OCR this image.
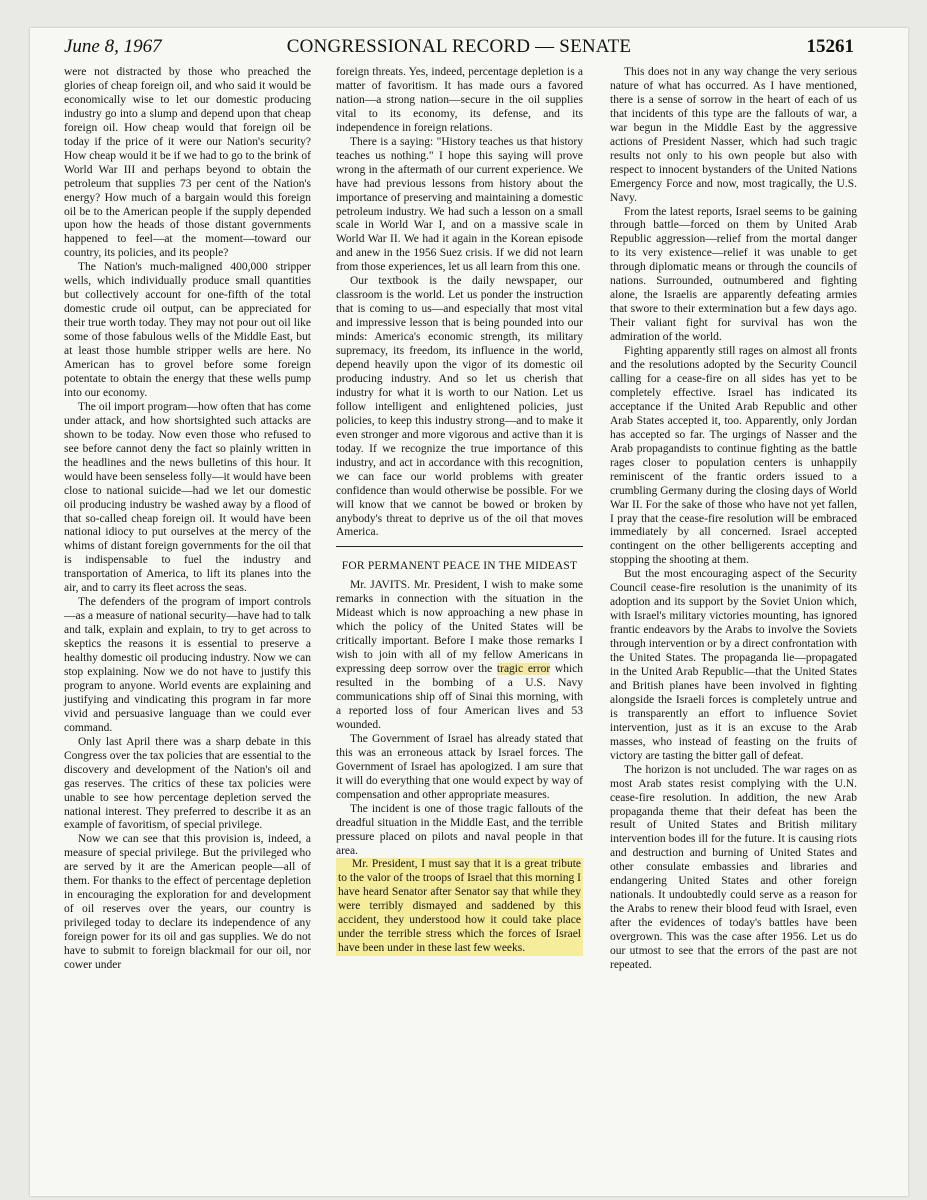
June 8, 1967	CONGRESSIONAL RECORD — SENATE	15261

were not distracted by those who preached the glories of cheap foreign oil, and who said it would be economically wise to let our domestic producing industry go into a slump and depend upon that cheap foreign oil. How cheap would that foreign oil be today if the price of it were our Nation's security? How cheap would it be if we had to go to the brink of World War III and perhaps beyond to obtain the petroleum that supplies 73 per cent of the Nation's energy? How much of a bargain would this foreign oil be to the American people if the supply depended upon how the heads of those distant governments happened to feel—at the moment—toward our country, its policies, and its people?

The Nation's much-maligned 400,000 stripper wells, which individually produce small quantities but collectively account for one-fifth of the total domestic crude oil output, can be appreciated for their true worth today. They may not pour out oil like some of those fabulous wells of the Middle East, but at least those humble stripper wells are here. No American has to grovel before some foreign potentate to obtain the energy that these wells pump into our economy.

The oil import program—how often that has come under attack, and how shortsighted such attacks are shown to be today. Now even those who refused to see before cannot deny the fact so plainly written in the headlines and the news bulletins of this hour. It would have been senseless folly—it would have been close to national suicide—had we let our domestic oil producing industry be washed away by a flood of that so-called cheap foreign oil. It would have been national idiocy to put ourselves at the mercy of the whims of distant foreign governments for the oil that is indispensable to fuel the industry and transportation of America, to lift its planes into the air, and to carry its fleet across the seas.

The defenders of the program of import controls—as a measure of national security—have had to talk and talk, explain and explain, to try to get across to skeptics the reasons it is essential to preserve a healthy domestic oil producing industry. Now we can stop explaining. Now we do not have to justify this program to anyone. World events are explaining and justifying and vindicating this program in far more vivid and persuasive language than we could ever command.

Only last April there was a sharp debate in this Congress over the tax policies that are essential to the discovery and development of the Nation's oil and gas reserves. The critics of these tax policies were unable to see how percentage depletion served the national interest. They preferred to describe it as an example of favoritism, of special privilege.

Now we can see that this provision is, indeed, a measure of special privilege. But the privileged who are served by it are the American people—all of them. For thanks to the effect of percentage depletion in encouraging the exploration for and development of oil reserves over the years, our country is privileged today to declare its independence of any foreign power for its oil and gas supplies. We do not have to submit to foreign blackmail for our oil, nor cower under

foreign threats. Yes, indeed, percentage depletion is a matter of favoritism. It has made ours a favored nation—a strong nation—secure in the oil supplies vital to its economy, its defense, and its independence in foreign relations.

There is a saying: "History teaches us that history teaches us nothing." I hope this saying will prove wrong in the aftermath of our current experience. We have had previous lessons from history about the importance of preserving and maintaining a domestic petroleum industry. We had such a lesson on a small scale in World War I, and on a massive scale in World War II. We had it again in the Korean episode and anew in the 1956 Suez crisis. If we did not learn from those experiences, let us all learn from this one.

Our textbook is the daily newspaper, our classroom is the world. Let us ponder the instruction that is coming to us—and especially that most vital and impressive lesson that is being pounded into our minds: America's economic strength, its military supremacy, its freedom, its influence in the world, depend heavily upon the vigor of its domestic oil producing industry. And so let us cherish that industry for what it is worth to our Nation. Let us follow intelligent and enlightened policies, just policies, to keep this industry strong—and to make it even stronger and more vigorous and active than it is today. If we recognize the true importance of this industry, and act in accordance with this recognition, we can face our world problems with greater confidence than would otherwise be possible. For we will know that we cannot be bowed or broken by anybody's threat to deprive us of the oil that moves America.

FOR PERMANENT PEACE IN THE MIDEAST

Mr. JAVITS. Mr. President, I wish to make some remarks in connection with the situation in the Mideast which is now approaching a new phase in which the policy of the United States will be critically important. Before I make those remarks I wish to join with all of my fellow Americans in expressing deep sorrow over the tragic error which resulted in the bombing of a U.S. Navy communications ship off of Sinai this morning, with a reported loss of four American lives and 53 wounded.

The Government of Israel has already stated that this was an erroneous attack by Israel forces. The Government of Israel has apologized. I am sure that it will do everything that one would expect by way of compensation and other appropriate measures.

The incident is one of those tragic fallouts of the dreadful situation in the Middle East, and the terrible pressure placed on pilots and naval people in that area.

Mr. President, I must say that it is a great tribute to the valor of the troops of Israel that this morning I have heard Senator after Senator say that while they were terribly dismayed and saddened by this accident, they understood how it could take place under the terrible stress which the forces of Israel have been under in these last few weeks.

This does not in any way change the very serious nature of what has occurred. As I have mentioned, there is a sense of sorrow in the heart of each of us that incidents of this type are the fallouts of war, a war begun in the Middle East by the aggressive actions of President Nasser, which had such tragic results not only to his own people but also with respect to innocent bystanders of the United Nations Emergency Force and now, most tragically, the U.S. Navy.

From the latest reports, Israel seems to be gaining through battle—forced on them by United Arab Republic aggression—relief from the mortal danger to its very existence—relief it was unable to get through diplomatic means or through the councils of nations. Surrounded, outnumbered and fighting alone, the Israelis are apparently defeating armies that swore to their extermination but a few days ago. Their valiant fight for survival has won the admiration of the world.

Fighting apparently still rages on almost all fronts and the resolutions adopted by the Security Council calling for a cease-fire on all sides has yet to be completely effective. Israel has indicated its acceptance if the United Arab Republic and other Arab States accepted it, too. Apparently, only Jordan has accepted so far. The urgings of Nasser and the Arab propagandists to continue fighting as the battle rages closer to population centers is unhappily reminiscent of the frantic orders issued to a crumbling Germany during the closing days of World War II. For the sake of those who have not yet fallen, I pray that the cease-fire resolution will be embraced immediately by all concerned. Israel accepted contingent on the other belligerents accepting and stopping the shooting at them.

But the most encouraging aspect of the Security Council cease-fire resolution is the unanimity of its adoption and its support by the Soviet Union which, with Israel's military victories mounting, has ignored frantic endeavors by the Arabs to involve the Soviets through intervention or by a direct confrontation with the United States. The propaganda lie—propagated in the United Arab Republic—that the United States and British planes have been involved in fighting alongside the Israeli forces is completely untrue and is transparently an effort to influence Soviet intervention, just as it is an excuse to the Arab masses, who instead of feasting on the fruits of victory are tasting the bitter gall of defeat.

The horizon is not uncluded. The war rages on as most Arab states resist complying with the U.N. cease-fire resolution. In addition, the new Arab propaganda theme that their defeat has been the result of United States and British military intervention bodes ill for the future. It is causing riots and destruction and burning of United States and other consulate embassies and libraries and endangering United States and other foreign nationals. It undoubtedly could serve as a reason for the Arabs to renew their blood feud with Israel, even after the evidences of today's battles have been overgrown. This was the case after 1956. Let us do our utmost to see that the errors of the past are not repeated.
